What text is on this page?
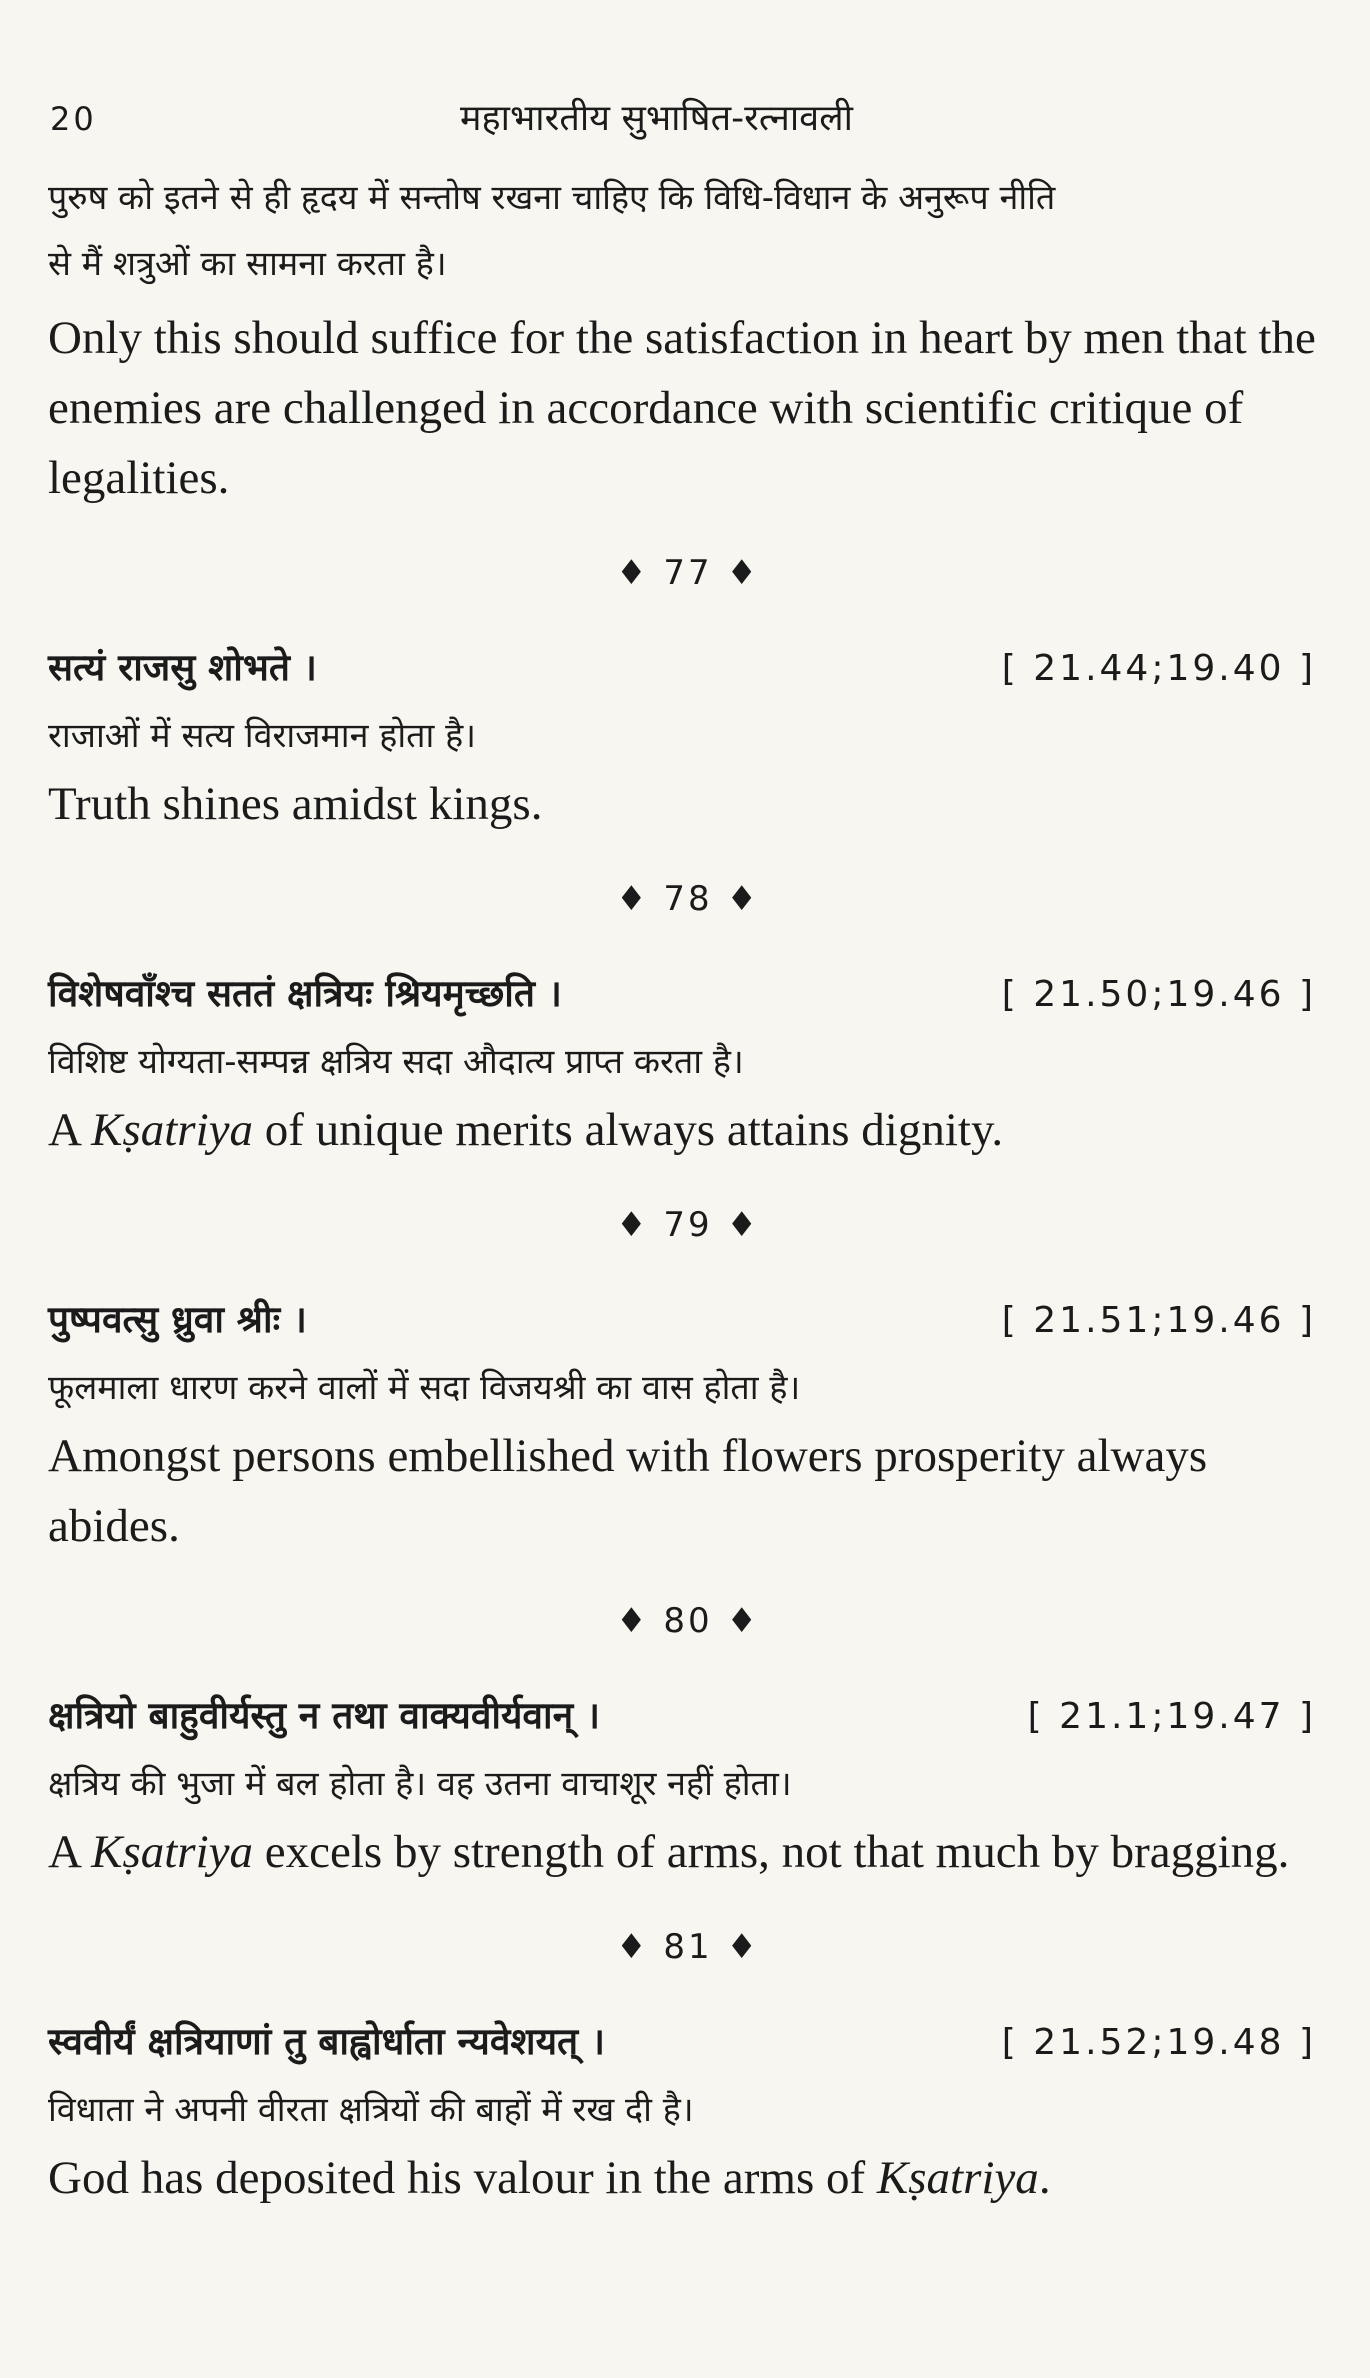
20	महाभारतीय सुभाषित-रत्नावली

पुरुष को इतने से ही हृदय में सन्तोष रखना चाहिए कि विधि-विधान के अनुरूप नीति

से मैं शत्रुओं का सामना करता है।

Only this should suffice for the satisfaction in heart by men that the enemies are challenged in accordance with scientific critique of legalities.

♦ 77 ♦
सत्यं राजसु शोभते ।	[ 21.44;19.40 ]

राजाओं में सत्य विराजमान होता है।

Truth shines amidst kings.

♦ 78 ♦
विशेषवाँश्च सततं क्षत्रियः श्रियमृच्छति ।	[ 21.50;19.46 ]

विशिष्ट योग्यता-सम्पन्न क्षत्रिय सदा औदात्य प्राप्त करता है।

A Kṣatriya of unique merits always attains dignity.

♦ 79 ♦
पुष्पवत्सु ध्रुवा श्रीः ।	[ 21.51;19.46 ]

फूलमाला धारण करने वालों में सदा विजयश्री का वास होता है।

Amongst persons embellished with flowers prosperity always abides.

♦ 80 ♦
क्षत्रियो बाहुवीर्यस्तु न तथा वाक्यवीर्यवान् ।	[ 21.1;19.47 ]

क्षत्रिय की भुजा में बल होता है। वह उतना वाचाशूर नहीं होता।

A Kṣatriya excels by strength of arms, not that much by bragging.

♦ 81 ♦
स्ववीर्यं क्षत्रियाणां तु बाह्वोर्धाता न्यवेशयत् ।	[ 21.52;19.48 ]

विधाता ने अपनी वीरता क्षत्रियों की बाहों में रख दी है।

God has deposited his valour in the arms of Kṣatriya.
